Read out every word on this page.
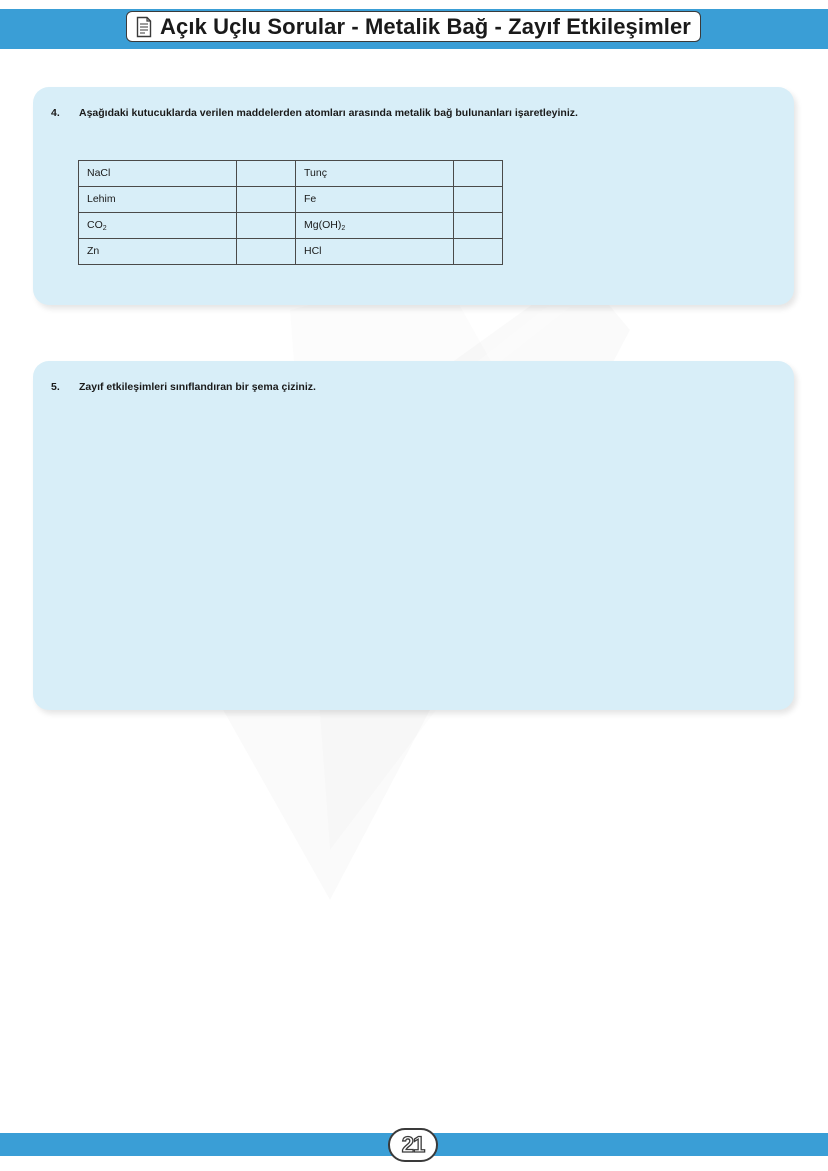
Açık Uçlu Sorular - Metalik Bağ - Zayıf Etkileşimler
4. Aşağıdaki kutucuklarda verilen maddelerden atomları arasında metalik bağ bulunanları işaretleyiniz.
NaCl		Tunç	
Lehim		Fe	
$CO_2$		$Mg(OH)_2$	
Zn		HCl	
5. Zayıf etkileşimleri sınıflandıran bir şema çiziniz.
21
